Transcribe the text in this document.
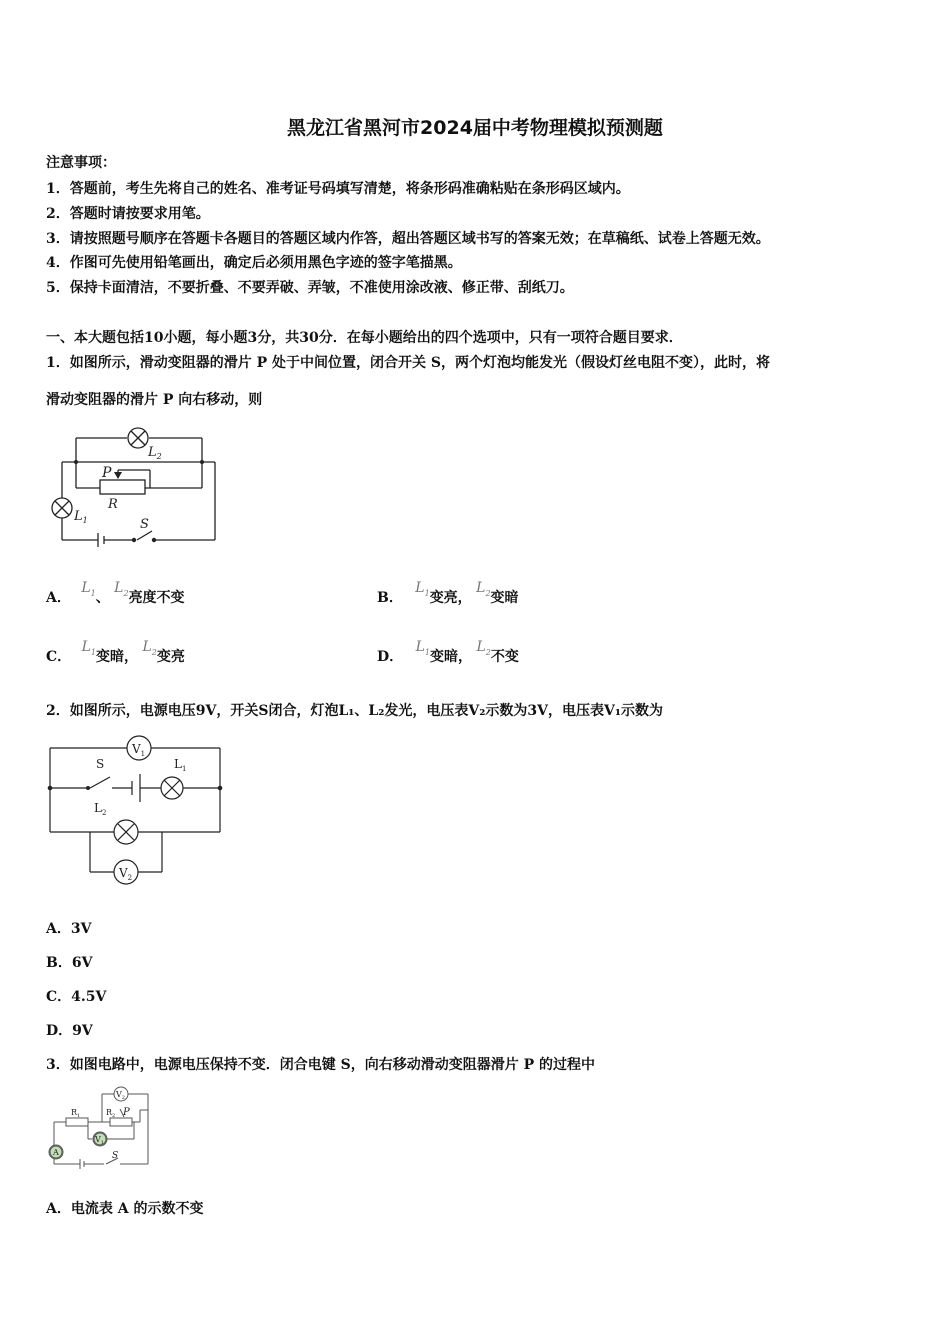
黑龙江省黑河市2024届中考物理模拟预测题
注意事项：
1．答题前，考生先将自己的姓名、准考证号码填写清楚，将条形码准确粘贴在条形码区域内。
2．答题时请按要求用笔。
3．请按照题号顺序在答题卡各题目的答题区域内作答，超出答题区域书写的答案无效；在草稿纸、试卷上答题无效。
4．作图可先使用铅笔画出，确定后必须用黑色字迹的签字笔描黑。
5．保持卡面清洁，不要折叠、不要弄破、弄皱，不准使用涂改液、修正带、刮纸刀。
一、本大题包括10小题，每小题3分，共30分．在每小题给出的四个选项中，只有一项符合题目要求．
1．如图所示，滑动变阻器的滑片 P 处于中间位置，闭合开关 S，两个灯泡均能发光（假设灯丝电阻不变），此时，将
滑动变阻器的滑片 P 向右移动，则
$L_2$
P
R
$L_1$	S
A． $L_1$、 $L_2$亮度不变	B． $L_1$变亮， $L_2$变暗
C． $L_1$变暗， $L_2$变亮	D． $L_1$变暗， $L_2$不变
2．如图所示，电源电压9V，开关S闭合，灯泡L₁、L₂发光，电压表V₂示数为3V，电压表V₁示数为
$V_1$
S	$L_1$
$L_2$
$V_2$
A．3V
B．6V
C．4.5V
D．9V
3．如图电路中，电源电压保持不变．闭合电键 S，向右移动滑动变阻器滑片 P 的过程中
$V_2$
$R_1$	$R_2$ P
$V_1$
A	S
A．电流表 A 的示数不变
